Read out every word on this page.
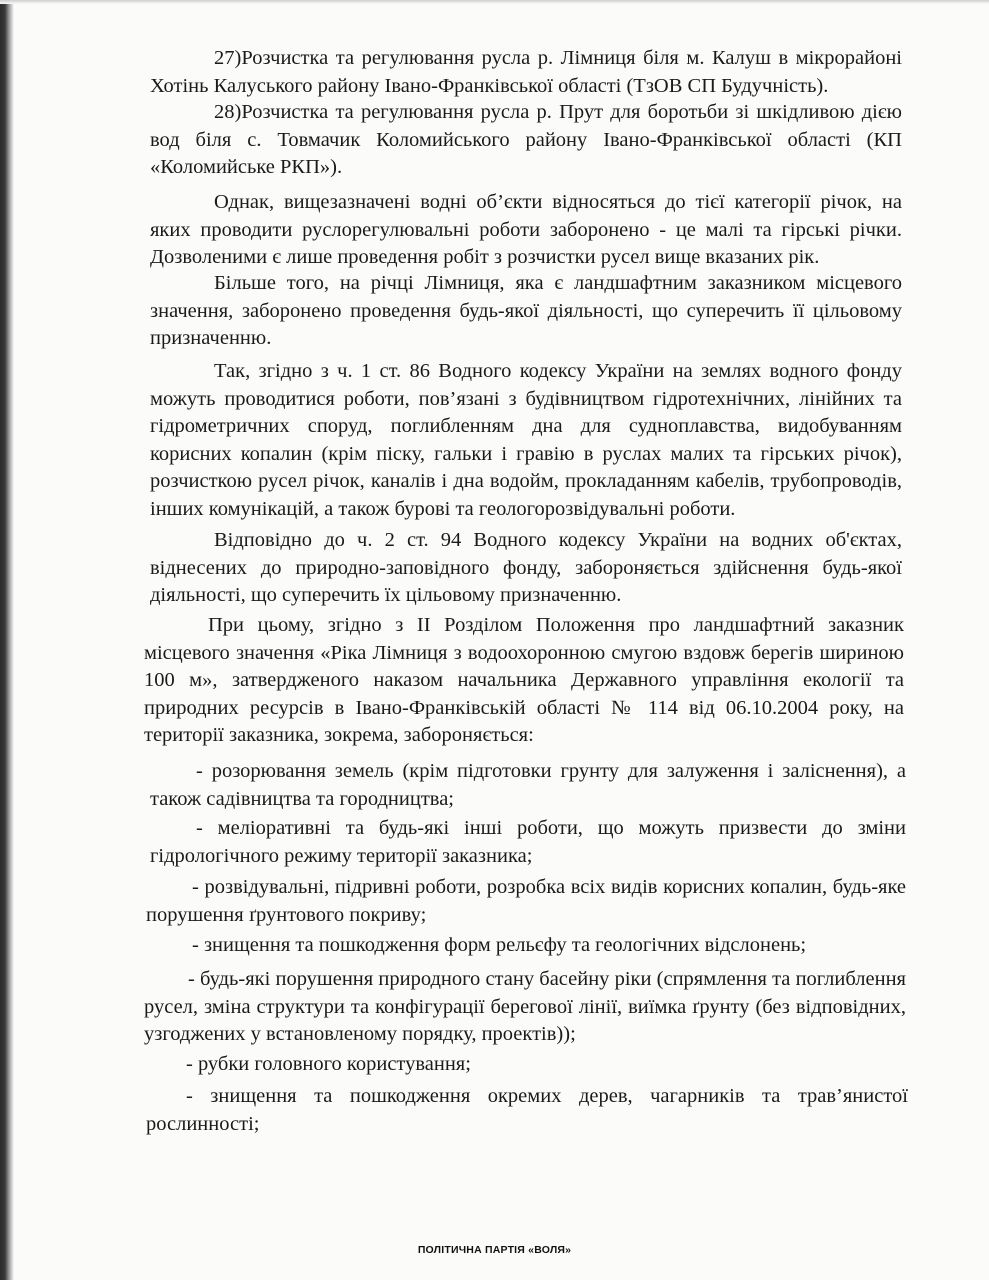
27)Розчистка та регулювання русла р. Лімниця біля м. Калуш в мікрорайоні Хотінь Калуського району Івано-Франківської області (ТзОВ СП Будучність).
28)Розчистка та регулювання русла р. Прут для боротьби зі шкідливою дією вод біля с. Товмачик Коломийського району Івано-Франківської області (КП «Коломийське РКП»).
Однак, вищезазначені водні об’єкти відносяться до тієї категорії річок, на яких проводити руслорегулювальні роботи заборонено - це малі та гірські річки. Дозволеними є лише проведення робіт з розчистки русел вище вказаних рік.
Більше того, на річці Лімниця, яка є ландшафтним заказником місцевого значення, заборонено проведення будь-якої діяльності, що суперечить її цільовому призначенню.
Так, згідно з ч. 1 ст. 86 Водного кодексу України на землях водного фонду можуть проводитися роботи, пов’язані з будівництвом гідротехнічних, лінійних та гідрометричних споруд, поглибленням дна для судноплавства, видобуванням корисних копалин (крім піску, гальки і гравію в руслах малих та гірських річок), розчисткою русел річок, каналів і дна водойм, прокладанням кабелів, трубопроводів, інших комунікацій, а також бурові та геологорозвідувальні роботи.
Відповідно до ч. 2 ст. 94 Водного кодексу України на водних об'єктах, віднесених до природно-заповідного фонду, забороняється здійснення будь-якої діяльності, що суперечить їх цільовому призначенню.
При цьому, згідно з ІІ Розділом Положення про ландшафтний заказник місцевого значення «Ріка Лімниця з водоохоронною смугою вздовж берегів шириною 100 м», затвердженого наказом начальника Державного управління екології та природних ресурсів в Івано-Франківській області № 114 від 06.10.2004 року, на території заказника, зокрема, забороняється:
- розорювання земель (крім підготовки грунту для залуження і заліснення), а також садівництва та городництва;
- меліоративні та будь-які інші роботи, що можуть призвести до зміни гідрологічного режиму території заказника;
- розвідувальні, підривні роботи, розробка всіх видів корисних копалин, будь-яке порушення ґрунтового покриву;
- знищення та пошкодження форм рельєфу та геологічних відслонень;
- будь-які порушення природного стану басейну ріки (спрямлення та поглиблення русел, зміна структури та конфігурації берегової лінії, виїмка ґрунту (без відповідних, узгоджених у встановленому порядку, проектів));
- рубки головного користування;
- знищення та пошкодження окремих дерев, чагарників та трав’янистої рослинності;
ПОЛІТИЧНА ПАРТІЯ «ВОЛЯ»
